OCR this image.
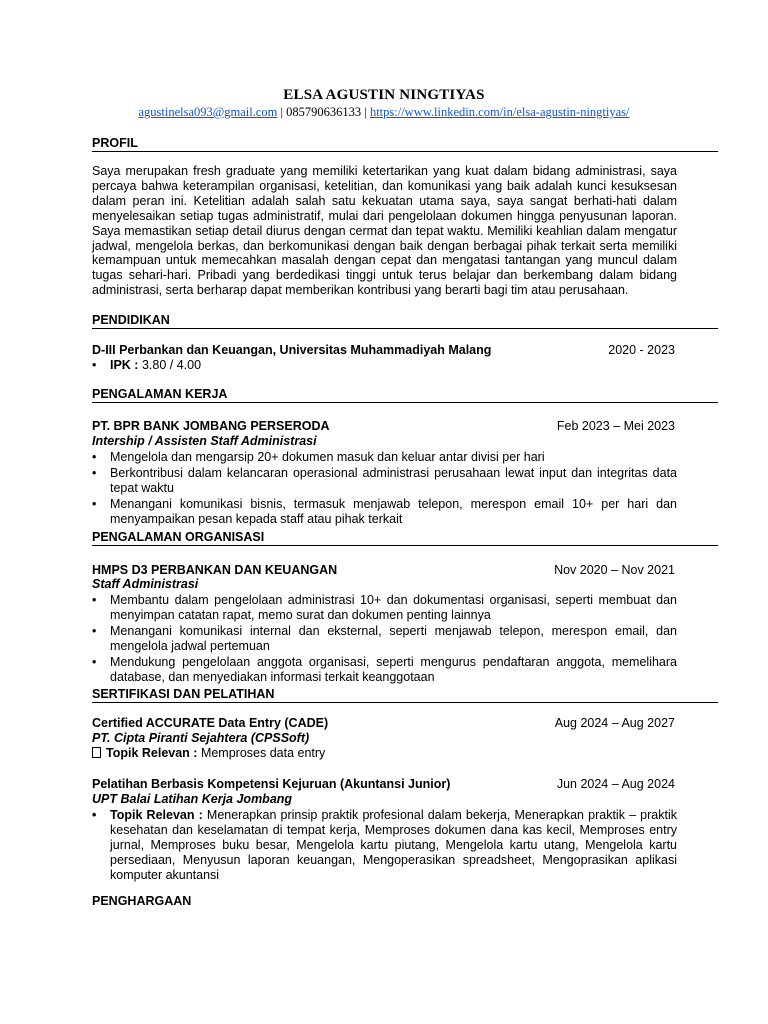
ELSA AGUSTIN NINGTIYAS
agustinelsa093@gmail.com | 085790636133 | https://www.linkedin.com/in/elsa-agustin-ningtiyas/
PROFIL
Saya merupakan fresh graduate yang memiliki ketertarikan yang kuat dalam bidang administrasi, saya percaya bahwa keterampilan organisasi, ketelitian, dan komunikasi yang baik adalah kunci kesuksesan dalam peran ini. Ketelitian adalah salah satu kekuatan utama saya, saya sangat berhati-hati dalam menyelesaikan setiap tugas administratif, mulai dari pengelolaan dokumen hingga penyusunan laporan. Saya memastikan setiap detail diurus dengan cermat dan tepat waktu. Memiliki keahlian dalam mengatur jadwal, mengelola berkas, dan berkomunikasi dengan baik dengan berbagai pihak terkait serta memiliki kemampuan untuk memecahkan masalah dengan cepat dan mengatasi tantangan yang muncul dalam tugas sehari-hari. Pribadi yang berdedikasi tinggi untuk terus belajar dan berkembang dalam bidang administrasi, serta berharap dapat memberikan kontribusi yang berarti bagi tim atau perusahaan.
PENDIDIKAN
D-III Perbankan dan Keuangan, Universitas Muhammadiyah Malang	2020 - 2023
• IPK : 3.80 / 4.00
PENGALAMAN KERJA
PT. BPR BANK JOMBANG PERSERODA	Feb 2023 – Mei 2023
Intership / Assisten Staff Administrasi
• Mengelola dan mengarsip 20+ dokumen masuk dan keluar antar divisi per hari
• Berkontribusi dalam kelancaran operasional administrasi perusahaan lewat input dan integritas data tepat waktu
• Menangani komunikasi bisnis, termasuk menjawab telepon, merespon email 10+ per hari dan menyampaikan pesan kepada staff atau pihak terkait
PENGALAMAN ORGANISASI
HMPS D3 PERBANKAN DAN KEUANGAN	Nov 2020 – Nov 2021
Staff Administrasi
• Membantu dalam pengelolaan administrasi 10+ dan dokumentasi organisasi, seperti membuat dan menyimpan catatan rapat, memo surat dan dokumen penting lainnya
• Menangani komunikasi internal dan eksternal, seperti menjawab telepon, merespon email, dan mengelola jadwal pertemuan
• Mendukung pengelolaan anggota organisasi, seperti mengurus pendaftaran anggota, memelihara database, dan menyediakan informasi terkait keanggotaan
SERTIFIKASI DAN PELATIHAN
Certified ACCURATE Data Entry (CADE)	Aug 2024 – Aug 2027
PT. Cipta Piranti Sejahtera (CPSSoft)
Topik Relevan : Memproses data entry
Pelatihan Berbasis Kompetensi Kejuruan (Akuntansi Junior)	Jun 2024 – Aug 2024
UPT Balai Latihan Kerja Jombang
• Topik Relevan : Menerapkan prinsip praktik profesional dalam bekerja, Menerapkan praktik – praktik kesehatan dan keselamatan di tempat kerja, Memproses dokumen dana kas kecil, Memproses entry jurnal, Memproses buku besar, Mengelola kartu piutang, Mengelola kartu utang, Mengelola kartu persediaan, Menyusun laporan keuangan, Mengoperasikan spreadsheet, Mengoprasikan aplikasi komputer akuntansi
PENGHARGAAN
